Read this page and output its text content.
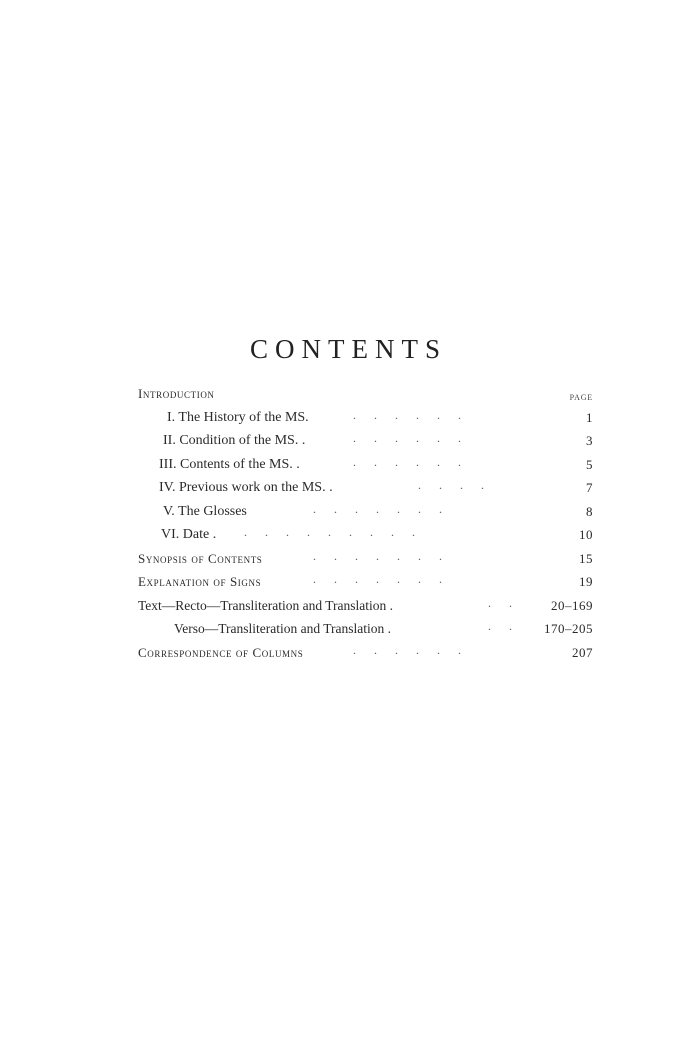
CONTENTS
Introduction	PAGE
I. The History of the MS.	.      .      .      .      .      .	1
II. Condition of the MS. .	.      .      .      .      .      .	3
III. Contents of the MS. .	.      .      .      .      .      .	5
IV. Previous work on the MS. .	.      .      .      .	7
V. The Glosses	.      .      .      .      .      .      .	8
VI. Date . .      .      .      .      .      .      .      .      .	10
Synopsis of Contents	.      .      .      .      .      .      .	15
Explanation of Signs	.      .      .      .      .      .      .	19
Text—Recto—Transliteration and Translation .	.      .	20–169
Verso—Transliteration and Translation .	.      .	170–205
Correspondence of Columns	.      .      .      .      .      .	207
